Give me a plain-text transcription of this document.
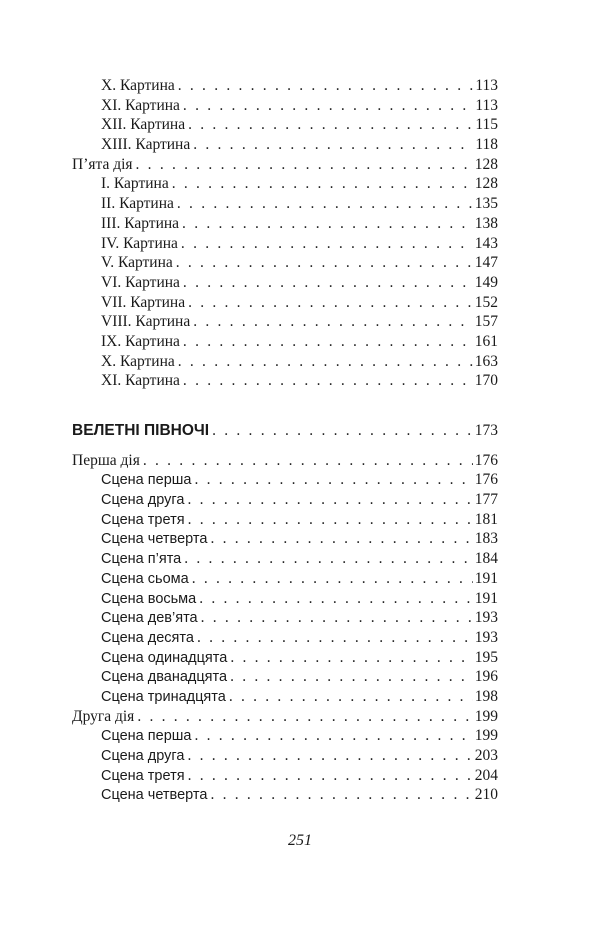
X. Картина . . .	113
XI. Картина . . .	113
XII. Картина . . .	115
XIII. Картина . . .	118
П’ята дія . . .	128
I. Картина . . .	128
II. Картина . . .	135
III. Картина . . .	138
IV. Картина . . .	143
V. Картина . . .	147
VI. Картина . . .	149
VII. Картина . . .	152
VIII. Картина . . .	157
IX. Картина . . .	161
X. Картина . . .	163
XI. Картина . . .	170
ВЕЛЕТНІ ПІВНОЧІ . . .	173
Перша дія . . .	176
Сцена перша . . .	176
Сцена друга . . .	177
Сцена третя . . .	181
Сцена четверта . . .	183
Сцена п’ята . . .	184
Сцена сьома . . .	191
Сцена восьма . . .	191
Сцена дев’ята . . .	193
Сцена десята . . .	193
Сцена одинадцята . . .	195
Сцена дванадцята . . .	196
Сцена тринадцята . . .	198
Друга дія . . .	199
Сцена перша . . .	199
Сцена друга . . .	203
Сцена третя . . .	204
Сцена четверта . . .	210
251
